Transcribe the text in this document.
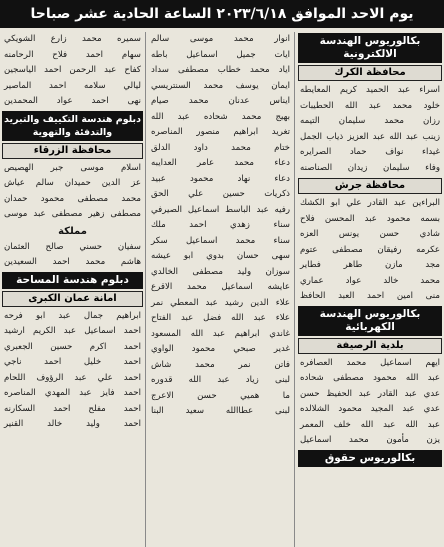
يوم الاحد الموافق ٢٠٢٣/٦/١٨ الساعة الحادية عشر صباحا
بكالوريوس الهندسة الالكترونية
محافظة الكرك
اسراء عبد الحميد كريم المعايطه
خلود محمد عبد الله الحطيبات
رزان محمد سليمان التيمه
زينب عبد الله عبد العزيز ذياب الجمل
غيداء نواف حماد الصرايره
وفاء سليمان زيدان الصناصنه
محافظة جرش
البراءين عبد القادر علي ابو الكشك
بسمه محمود عبد المحسن فلاح
شادي حسن يونس العزه
عكرمه رفيقان مصطفى عتوم
مجد مازن طاهر فطاير
محمد خالد عواد عماري
منى امين احمد العبد الحافظ
بكالوريوس الهندسة الكهربائية
بلدية الرصيفة
ايهم اسماعيل محمد العصافره
عبد الله محمود مصطفى شحاده
عدي عبد القادر عبد الحفيظ حسن
عدي عبد المجيد محمود الشلالده
عبد الله عبد الله خلف المعمر
يزن مأمون محمد اسماعيل
بكالوريوس حقوق
انوار محمد موسى سالم
ايات جميل اسماعيل باطه
اياد محمد خطاب مصطفى سداد
ايمان يوسف محمد السنتريسي
ايناس عدنان محمد صيام
بهيج محمد شحاده عبد الله
تغريد ابراهيم منصور المناصره
ختام محمد داود الدلق
دعاء محمد عامر العدايبه
دعاء نهاد محمود عبيد
ذكريات حسين علي الحق
رفيه عبد الباسط اسماعيل الصيرفي
سناء زهدي احمد ملك
سناء محمد اسماعيل سكر
سهى حسان بدوي ابو عيشه
سوزان وليد مصطفى الخالدي
عايشه اسماعيل محمد الاقرع
علاء الدين رشيد عبد المعطي نمر
علاء عبد الله فضل عبد الفتاح
غاندي ابراهيم عبد الله المسعود
غدير صبحي محمود الواوي
فاتن نمر محمد شاش
لبنى زياد عبد الله قدوره
ما هميي حسن الاعرج
لبنى عطاالله سعيد البنا
سميره محمد زارع الشويكي
سهام احمد فلاح الرحامنه
كفاح عبد الرحمن احمد الياسجين
ليالي سلامه احمد الماصير
نهى احمد عواد المحمدين
دبلوم هندسة التكييف والتبريد والتدفئة والتهوية
محافظة الزرقاء
اسلام موسى جبر الهصيص
عز الدين حميدان سالم عياش
محمد مصطفى محمود حمدان
مصطفى زهير مصطفى عبد موسى
مملكة
سفيان حسني صالح العثمان
هاشم محمد احمد السعيدين
دبلوم هندسة المساحة
امانة عمان الكبرى
ابراهيم جمال عبد ابو فرحه
احمد اسماعيل عبد الكريم ارشيد
احمد اكرم حسين الجعبري
احمد خليل احمد ناجي
احمد علي عبد الرؤوف اللحام
احمد فايز عبد المهدي المناصره
احمد مفلح احمد السكارنه
احمد وليد خالد القنير
